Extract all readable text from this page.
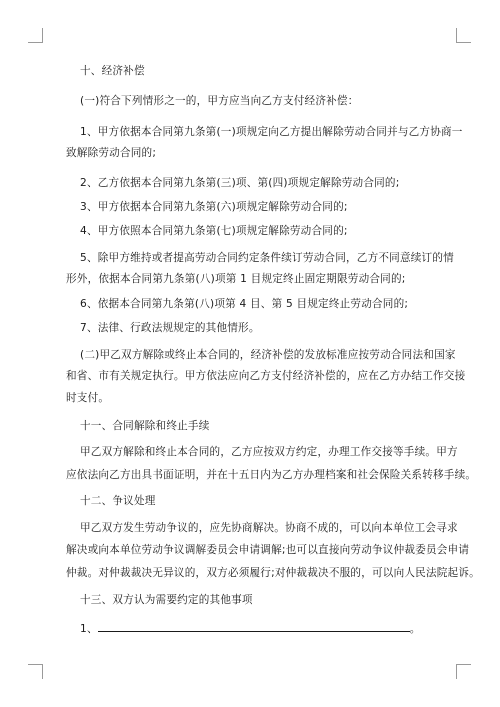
十、经济补偿
(一)符合下列情形之一的，甲方应当向乙方支付经济补偿：
1、甲方依据本合同第九条第(一)项规定向乙方提出解除劳动合同并与乙方协商一
致解除劳动合同的;
2、乙方依据本合同第九条第(三)项、第(四)项规定解除劳动合同的;
3、甲方依据本合同第九条第(六)项规定解除劳动合同的;
4、甲方依照本合同第九条第(七)项规定解除劳动合同的;
5、除甲方维持或者提高劳动合同约定条件续订劳动合同，乙方不同意续订的情
形外，依据本合同第九条第(八)项第 1 目规定终止固定期限劳动合同的;
6、依据本合同第九条第(八)项第 4 目、第 5 目规定终止劳动合同的;
7、法律、行政法规规定的其他情形。
(二)甲乙双方解除或终止本合同的，经济补偿的发放标准应按劳动合同法和国家
和省、市有关规定执行。甲方依法应向乙方支付经济补偿的，应在乙方办结工作交接
时支付。
十一、合同解除和终止手续
甲乙双方解除和终止本合同的，乙方应按双方约定，办理工作交接等手续。甲方
应依法向乙方出具书面证明，并在十五日内为乙方办理档案和社会保险关系转移手续。
十二、争议处理
甲乙双方发生劳动争议的，应先协商解决。协商不成的，可以向本单位工会寻求
解决或向本单位劳动争议调解委员会申请调解;也可以直接向劳动争议仲裁委员会申请
仲裁。对仲裁裁决无异议的，双方必须履行;对仲裁裁决不服的，可以向人民法院起诉。
十三、双方认为需要约定的其他事项
1、	。
